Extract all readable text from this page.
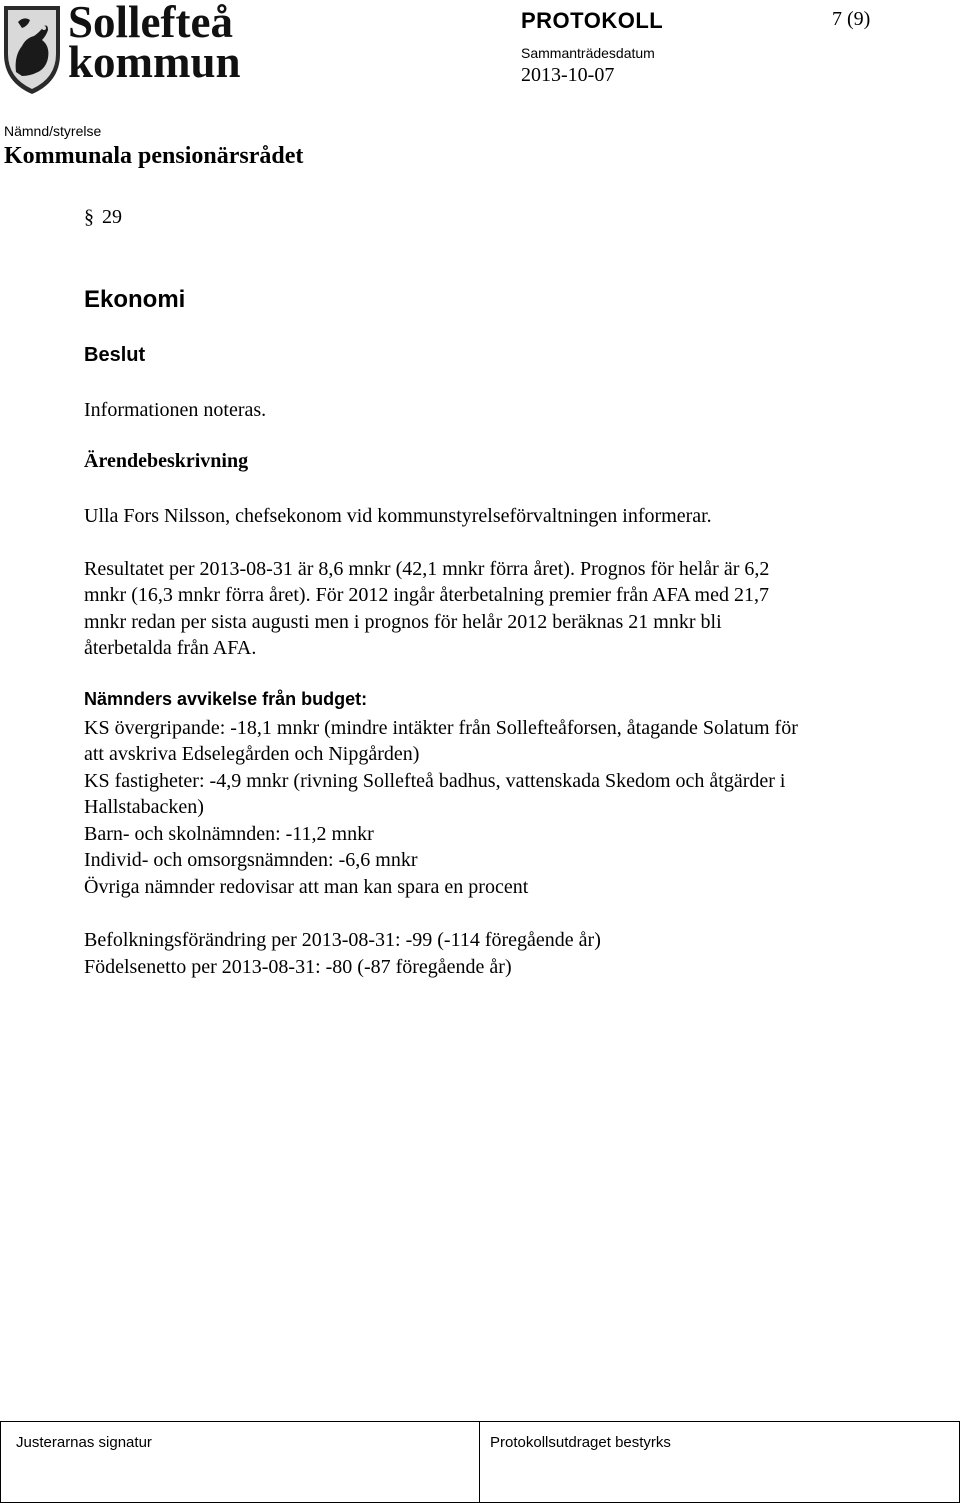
Sollefteå
kommun
PROTOKOLL
Sammanträdesdatum
2013-10-07
7 (9)
Nämnd/styrelse
Kommunala pensionärsrådet
§ 29
Ekonomi
Beslut
Informationen noteras.
Ärendebeskrivning
Ulla Fors Nilsson, chefsekonom vid kommunstyrelseförvaltningen informerar.
Resultatet per 2013-08-31 är 8,6 mnkr (42,1 mnkr förra året). Prognos för helår är 6,2
mnkr (16,3 mnkr förra året). För 2012 ingår återbetalning premier från AFA med 21,7
mnkr redan per sista augusti men i prognos för helår 2012 beräknas 21 mnkr bli
återbetalda från AFA.
Nämnders avvikelse från budget:
KS övergripande: -18,1 mnkr (mindre intäkter från Sollefteåforsen, åtagande Solatum för
att avskriva Edselegården och Nipgården)
KS fastigheter: -4,9 mnkr (rivning Sollefteå badhus, vattenskada Skedom och åtgärder i
Hallstabacken)
Barn- och skolnämnden: -11,2 mnkr
Individ- och omsorgsnämnden: -6,6 mnkr
Övriga nämnder redovisar att man kan spara en procent
Befolkningsförändring per 2013-08-31: -99 (-114 föregående år)
Födelsenetto per 2013-08-31: -80 (-87 föregående år)
Justerarnas signatur	Protokollsutdraget bestyrks
